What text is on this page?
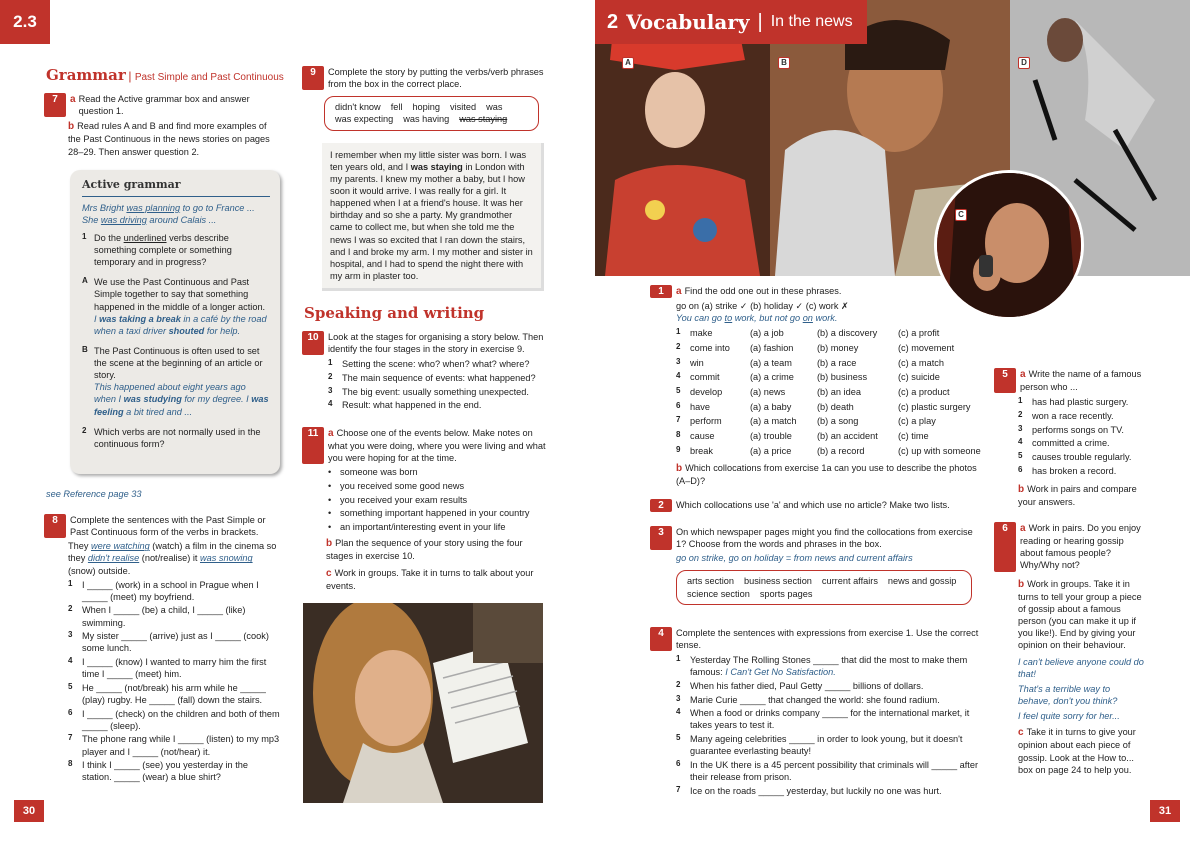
2.3
Grammar | Past Simple and Past Continuous
7	a Read the Active grammar box and answer question 1.
b Read rules A and B and find more examples of the Past Continuous in the news stories on pages 28–29. Then answer question 2.
Active grammar
Mrs Bright was planning to go to France ...
She was driving around Calais ...
1 Do the underlined verbs describe something complete or something temporary and in progress?
A We use the Past Continuous and Past Simple together to say that something happened in the middle of a longer action.
I was taking a break in a café by the road when a taxi driver shouted for help.
B The Past Continuous is often used to set the scene at the beginning of an article or story.
This happened about eight years ago when I was studying for my degree. I was feeling a bit tired and ...
2 Which verbs are not normally used in the continuous form?
see Reference page 33
8	Complete the sentences with the Past Simple or Past Continuous form of the verbs in brackets.
They were watching (watch) a film in the cinema so they didn't realise (not/realise) it was snowing (snow) outside.
1 I _____ (work) in a school in Prague when I _____ (meet) my boyfriend.
2 When I _____ (be) a child, I _____ (like) swimming.
3 My sister _____ (arrive) just as I _____ (cook) some lunch.
4 I _____ (know) I wanted to marry him the first time I _____ (meet) him.
5 He _____ (not/break) his arm while he _____ (play) rugby. He _____ (fall) down the stairs.
6 I _____ (check) on the children and both of them _____ (sleep).
7 The phone rang while I _____ (listen) to my mp3 player and I _____ (not/hear) it.
8 I think I _____ (see) you yesterday in the station. _____ (wear) a blue shirt?
30
9	Complete the story by putting the verbs/verb phrases from the box in the correct place.
didn't know fell hoping visited was
was expecting was having was staying
I remember when my little sister was born. I was ten years old, and I was staying in London with my parents. I knew my mother a baby, but I how soon it would arrive. I was really for a girl. It happened when I at a friend's house. It was her birthday and so she a party. My grandmother came to collect me, but when she told me the news I was so excited that I ran down the stairs, and I and broke my arm. I my mother and sister in hospital, and I had to spend the night there with my arm in plaster too.
Speaking and writing
10	Look at the stages for organising a story below. Then identify the four stages in the story in exercise 9.
1 Setting the scene: who? when? what? where?
2 The main sequence of events: what happened?
3 The big event: usually something unexpected.
4 Result: what happened in the end.
11 a Choose one of the events below. Make notes on what you were doing, where you were living and what you were hoping for at the time.
• someone was born
• you received some good news
• you received your exam results
• something important happened in your country
• an important/interesting event in your life
b Plan the sequence of your story using the four stages in exercise 10.
c Work in groups. Take it in turns to talk about your events.
2 Vocabulary | In the news
A	B
C
D
1	a Find the odd one out in these phrases.
go on (a) strike ✓ (b) holiday ✓ (c) work ✗
You can go to work, but not go on work.
1	make	(a) a job	(b) a discovery	(c) a profit
2	come into	(a) fashion	(b) money	(c) movement
3	win	(a) a team	(b) a race	(c) a match
4	commit	(a) a crime	(b) business	(c) suicide
5	develop	(a) news	(b) an idea	(c) a product
6	have	(a) a baby	(b) death	(c) plastic surgery
7	perform	(a) a match	(b) a song	(c) a play
8	cause	(a) trouble	(b) an accident	(c) time
9	break	(a) a price	(b) a record	(c) up with someone
b Which collocations from exercise 1a can you use to describe the photos (A–D)?
2	Which collocations use 'a' and which use no article? Make two lists.
3	On which newspaper pages might you find the collocations from exercise 1? Choose from the words and phrases in the box.
go on strike, go on holiday = from news and current affairs
arts section business section current affairs news and gossip
science section sports pages
4	Complete the sentences with expressions from exercise 1. Use the correct tense.
1 Yesterday The Rolling Stones _____ that did the most to make them famous: I Can't Get No Satisfaction.
2 When his father died, Paul Getty _____ billions of dollars.
3 Marie Curie _____ that changed the world: she found radium.
4 When a food or drinks company _____ for the international market, it takes years to test it.
5 Many ageing celebrities _____ in order to look young, but it doesn't guarantee everlasting beauty!
6 In the UK there is a 45 percent possibility that criminals will _____ after their release from prison.
7 Ice on the roads _____ yesterday, but luckily no one was hurt.
5	a Write the name of a famous person who ...
1 has had plastic surgery.
2 won a race recently.
3 performs songs on TV.
4 committed a crime.
5 causes trouble regularly.
6 has broken a record.
b Work in pairs and compare your answers.
6	a Work in pairs. Do you enjoy reading or hearing gossip about famous people? Why/Why not?
b Work in groups. Take it in turns to tell your group a piece of gossip about a famous person (you can make it up if you like!). End by giving your opinion on their behaviour.
I can't believe anyone could do that!
That's a terrible way to behave, don't you think?
I feel quite sorry for her...
c Take it in turns to give your opinion about each piece of gossip. Look at the How to... box on page 24 to help you.
31
